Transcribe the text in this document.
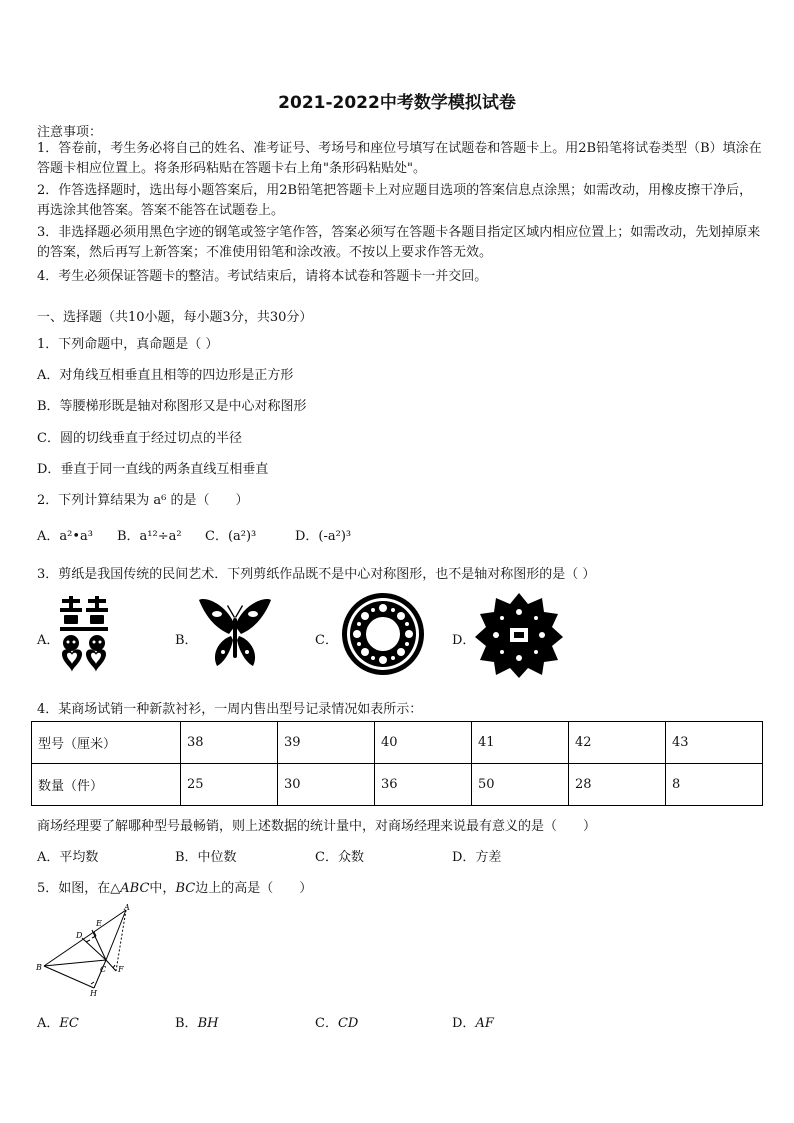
2021-2022中考数学模拟试卷
注意事项：
1．答卷前，考生务必将自己的姓名、准考证号、考场号和座位号填写在试题卷和答题卡上。用2B铅笔将试卷类型（B）填涂在答题卡相应位置上。将条形码粘贴在答题卡右上角"条形码粘贴处"。
2．作答选择题时，选出每小题答案后，用2B铅笔把答题卡上对应题目选项的答案信息点涂黑；如需改动，用橡皮擦干净后，再选涂其他答案。答案不能答在试题卷上。
3．非选择题必须用黑色字迹的钢笔或签字笔作答，答案必须写在答题卡各题目指定区域内相应位置上；如需改动，先划掉原来的答案，然后再写上新答案；不准使用铅笔和涂改液。不按以上要求作答无效。
4．考生必须保证答题卡的整洁。考试结束后，请将本试卷和答题卡一并交回。
一、选择题（共10小题，每小题3分，共30分）
1．下列命题中，真命题是（ ）
A．对角线互相垂直且相等的四边形是正方形
B．等腰梯形既是轴对称图形又是中心对称图形
C．圆的切线垂直于经过切点的半径
D．垂直于同一直线的两条直线互相垂直
2．下列计算结果为 a⁶ 的是（　　）
A．a²•a³ B．a¹²÷a² C．(a²)³	D．(-a²)³
3．剪纸是我国传统的民间艺术．下列剪纸作品既不是中心对称图形，也不是轴对称图形的是（ ）
A．	B．	C．	D．
4．某商场试销一种新款衬衫，一周内售出型号记录情况如表所示：
型号（厘米）	38	39	40	41	42	43
数量（件）	25	30	36	50	28	8
商场经理要了解哪种型号最畅销，则上述数据的统计量中，对商场经理来说最有意义的是（　　）
A．平均数	B．中位数	C．众数	D．方差
5．如图，在△ABC中，BC边上的高是（　　）
E
A
D
B	C F
H
A．EC	B．BH	C．CD	D．AF
